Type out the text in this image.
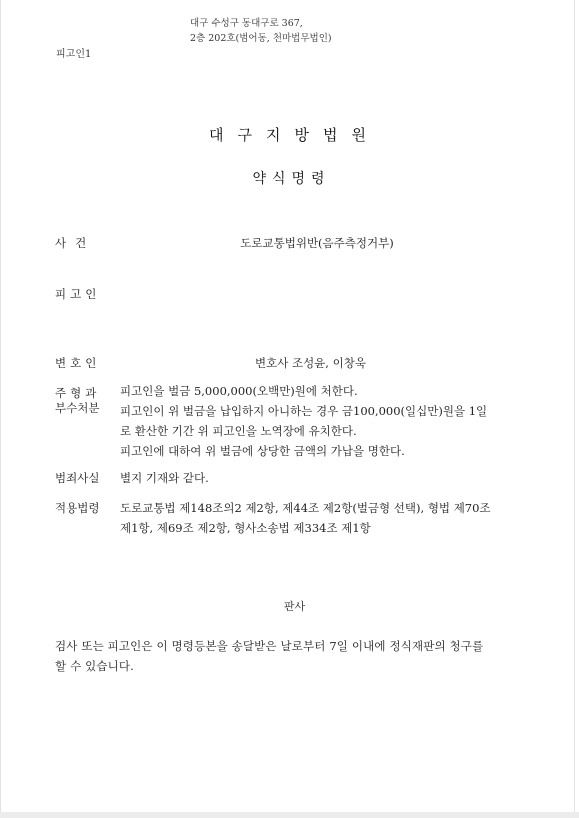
대구 수성구 동대구로 367,
2층 202호(범어동, 천마법무법인)
피고인1
대구지방법원
약식명령
사건	도로교통법위반(음주측정거부)
피고인
변호인	변호사 조성윤, 이창욱
주형과
부수처분
피고인을 벌금 5,000,000(오백만)원에 처한다.
피고인이 위 벌금을 납입하지 아니하는 경우 금100,000(일십만)원을 1일
로 환산한 기간 위 피고인을 노역장에 유치한다.
피고인에 대하여 위 벌금에 상당한 금액의 가납을 명한다.
범죄사실 별지 기재와 같다.
적용법령 도로교통법 제148조의2 제2항, 제44조 제2항(벌금형 선택), 형법 제70조
제1항, 제69조 제2항, 형사소송법 제334조 제1항
판사
검사 또는 피고인은 이 명령등본을 송달받은 날로부터 7일 이내에 정식재판의 청구를
할 수 있습니다.
